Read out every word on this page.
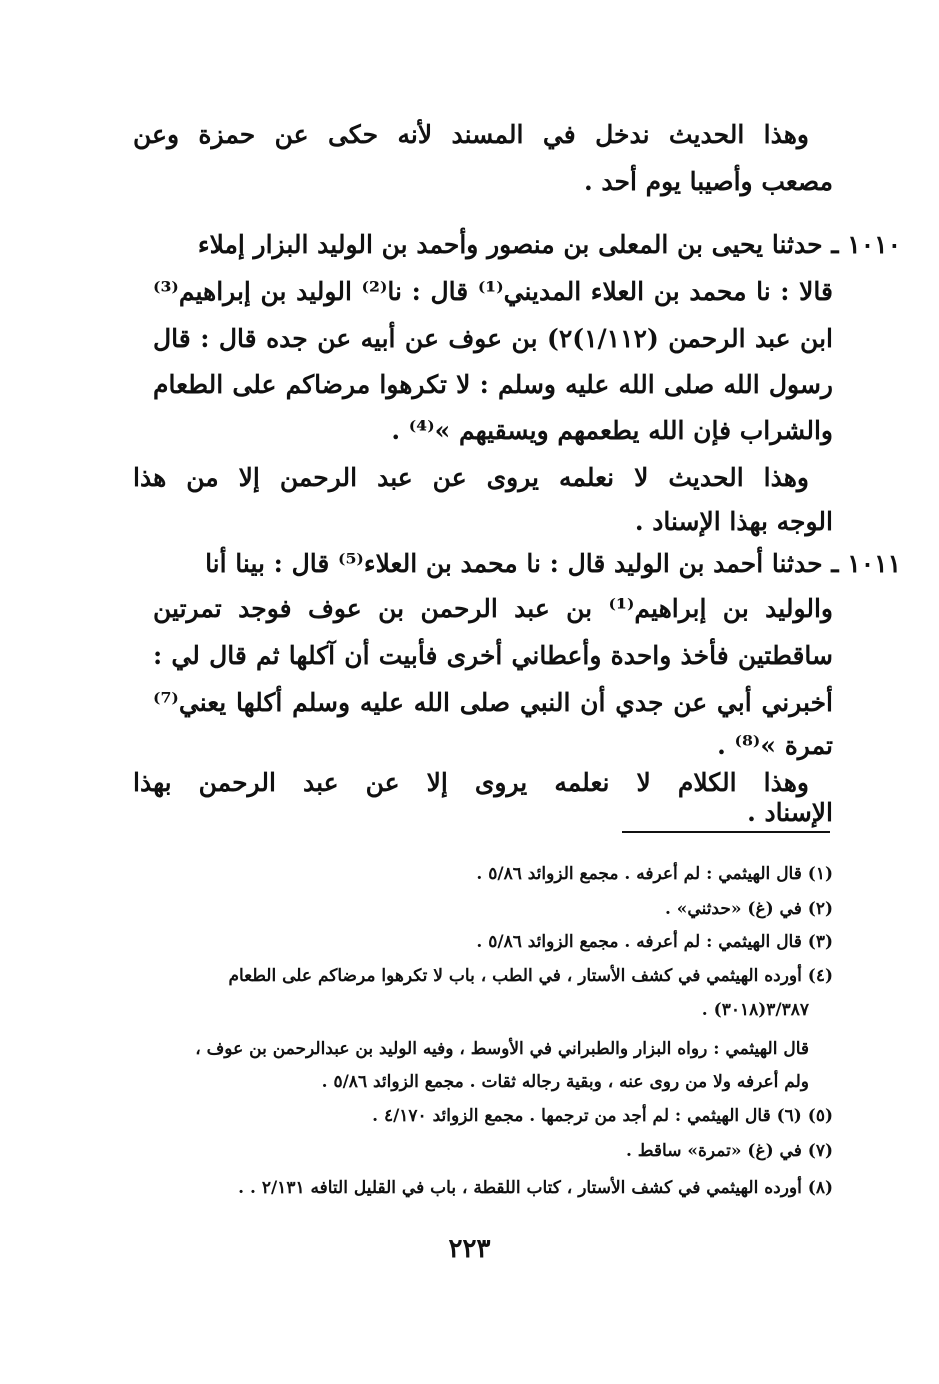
وهذا الحديث ندخل في المسند لأنه حكى عن حمزة وعن
مصعب وأصيبا يوم أحد .
١٠١٠ ـ حدثنا يحيى بن المعلى بن منصور وأحمد بن الوليد البزار إملاء
قالا : نا محمد بن العلاء المديني⁽¹⁾ قال : نا⁽²⁾ الوليد بن إبراهيم⁽³⁾
ابن عبد الرحمن (١/١١٢)٢) بن عوف عن أبيه عن جده قال : قال
رسول الله صلى الله عليه وسلم : لا تكرهوا مرضاكم على الطعام
والشراب فإن الله يطعمهم ويسقيهم »⁽⁴⁾ .
وهذا الحديث لا نعلمه يروى عن عبد الرحمن إلا من هذا
الوجه بهذا الإسناد .
١٠١١ ـ حدثنا أحمد بن الوليد قال : نا محمد بن العلاء⁽⁵⁾ قال : بينا أنا
والوليد بن إبراهيم⁽¹⁾ بن عبد الرحمن بن عوف فوجد تمرتين
ساقطتين فأخذ واحدة وأعطاني أخرى فأبيت أن آكلها ثم قال لي :
أخبرني أبي عن جدي أن النبي صلى الله عليه وسلم أكلها يعني⁽⁷⁾
تمرة »⁽⁸⁾ .
وهذا الكلام لا نعلمه يروى إلا عن عبد الرحمن بهذا
الإسناد .
(١) قال الهيثمي : لم أعرفه . مجمع الزوائد ٥/٨٦ .
(٢) في (غ) «حدثني» .
(٣) قال الهيثمي : لم أعرفه . مجمع الزوائد ٥/٨٦ .
(٤) أورده الهيثمي في كشف الأستار ، في الطب ، باب لا تكرهوا مرضاكم على الطعام
٣/٣٨٧(٣٠١٨) .
قال الهيثمي : رواه البزار والطبراني في الأوسط ، وفيه الوليد بن عبدالرحمن بن عوف ،
ولم أعرفه ولا من روى عنه ، وبقية رجاله ثقات . مجمع الزوائد ٥/٨٦ .
(٥) (٦) قال الهيثمي : لم أجد من ترجمها . مجمع الزوائد ٤/١٧٠ .
(٧) في (غ) «تمرة» ساقط .
(٨) أورده الهيثمي في كشف الأستار ، كتاب اللقطة ، باب في القليل التافه ٢/١٣١ . .
٢٢٣
